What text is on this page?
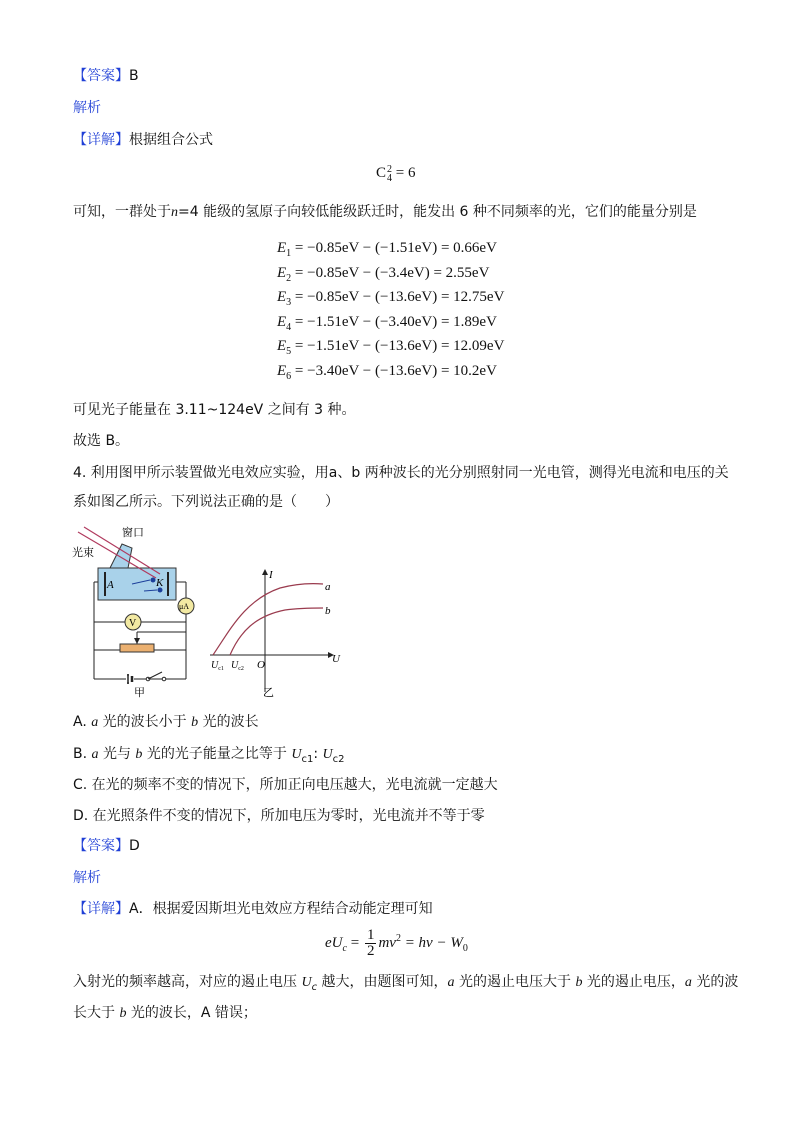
【答案】B
解析
【详解】根据组合公式
C 2
4 = 6
可知，一群处于n=4 能级的氢原子向较低能级跃迁时，能发出 6 种不同频率的光，它们的能量分别是
$E_1 = -0.85eV - (-1.51eV) = 0.66eV$
$E_2 = -0.85eV - (-3.4eV) = 2.55eV$
$E_3 = -0.85eV - (-13.6eV) = 12.75eV$
$E_4 = -1.51eV - (-3.40eV) = 1.89eV$
$E_5 = -1.51eV - (-13.6eV) = 12.09eV$
$E_6 = -3.40eV - (-13.6eV) = 10.2eV$
可见光子能量在 3.11~124eV 之间有 3 种。
故选 B。
4. 利用图甲所示装置做光电效应实验，用a、b 两种波长的光分别照射同一光电管，测得光电流和电压的关
系如图乙所示。下列说法正确的是（　　）
窗口
光束
A	K
μA
V
甲
I
U
O
a
b
$U_{c1}$ $U_{c2}$
乙
A. a 光的波长小于 b 光的波长
B. a 光与 b 光的光子能量之比等于 $U_{c1}$: $U_{c2}$
C. 在光的频率不变的情况下，所加正向电压越大，光电流就一定越大
D. 在光照条件不变的情况下，所加电压为零时，光电流并不等于零
【答案】D
解析
【详解】A．根据爱因斯坦光电效应方程结合动能定理可知
$eU_c = \frac{1}{2} mv^2 = h\nu - W_0$
入射光的频率越高，对应的遏止电压 $U_c$ 越大，由题图可知，a 光的遏止电压大于 b 光的遏止电压，a 光的波
长大于 b 光的波长，A 错误；
